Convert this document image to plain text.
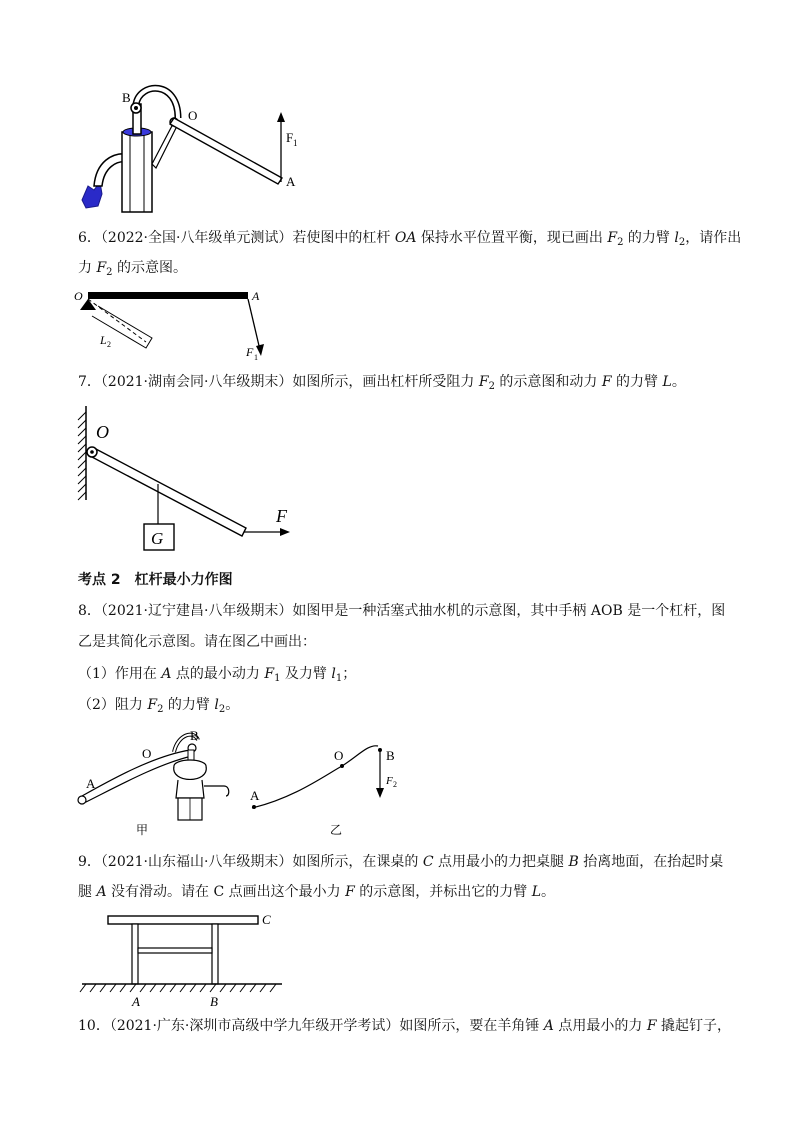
B
O
F 1
A
6．（2022·全国·八年级单元测试）若使图中的杠杆 OA 保持水平位置平衡，现已画出 $F_2$ 的力臂 $l_2$，请作出
力 $F_2$ 的示意图。
O	A
L 2
F 1
7．（2021·湖南会同·八年级期末）如图所示，画出杠杆所受阻力 $F_2$ 的示意图和动力 F 的力臂 L。
O
G
F
考点 2　杠杆最小力作图
8．（2021·辽宁建昌·八年级期末）如图甲是一种活塞式抽水机的示意图，其中手柄 AOB 是一个杠杆，图
乙是其简化示意图。请在图乙中画出：
（1）作用在 A 点的最小动力 $F_1$ 及力臂 $l_1$；
（2）阻力 $F_2$ 的力臂 $l_2$。
A
O
B
甲
A
O	B
F 2
乙
9．（2021·山东福山·八年级期末）如图所示，在课桌的 C 点用最小的力把桌腿 B 抬离地面，在抬起时桌
腿 A 没有滑动。请在 C 点画出这个最小力 F 的示意图，并标出它的力臂 L。
C
A	B
10．（2021·广东·深圳市高级中学九年级开学考试）如图所示，要在羊角锤 A 点用最小的力 F 撬起钉子，
